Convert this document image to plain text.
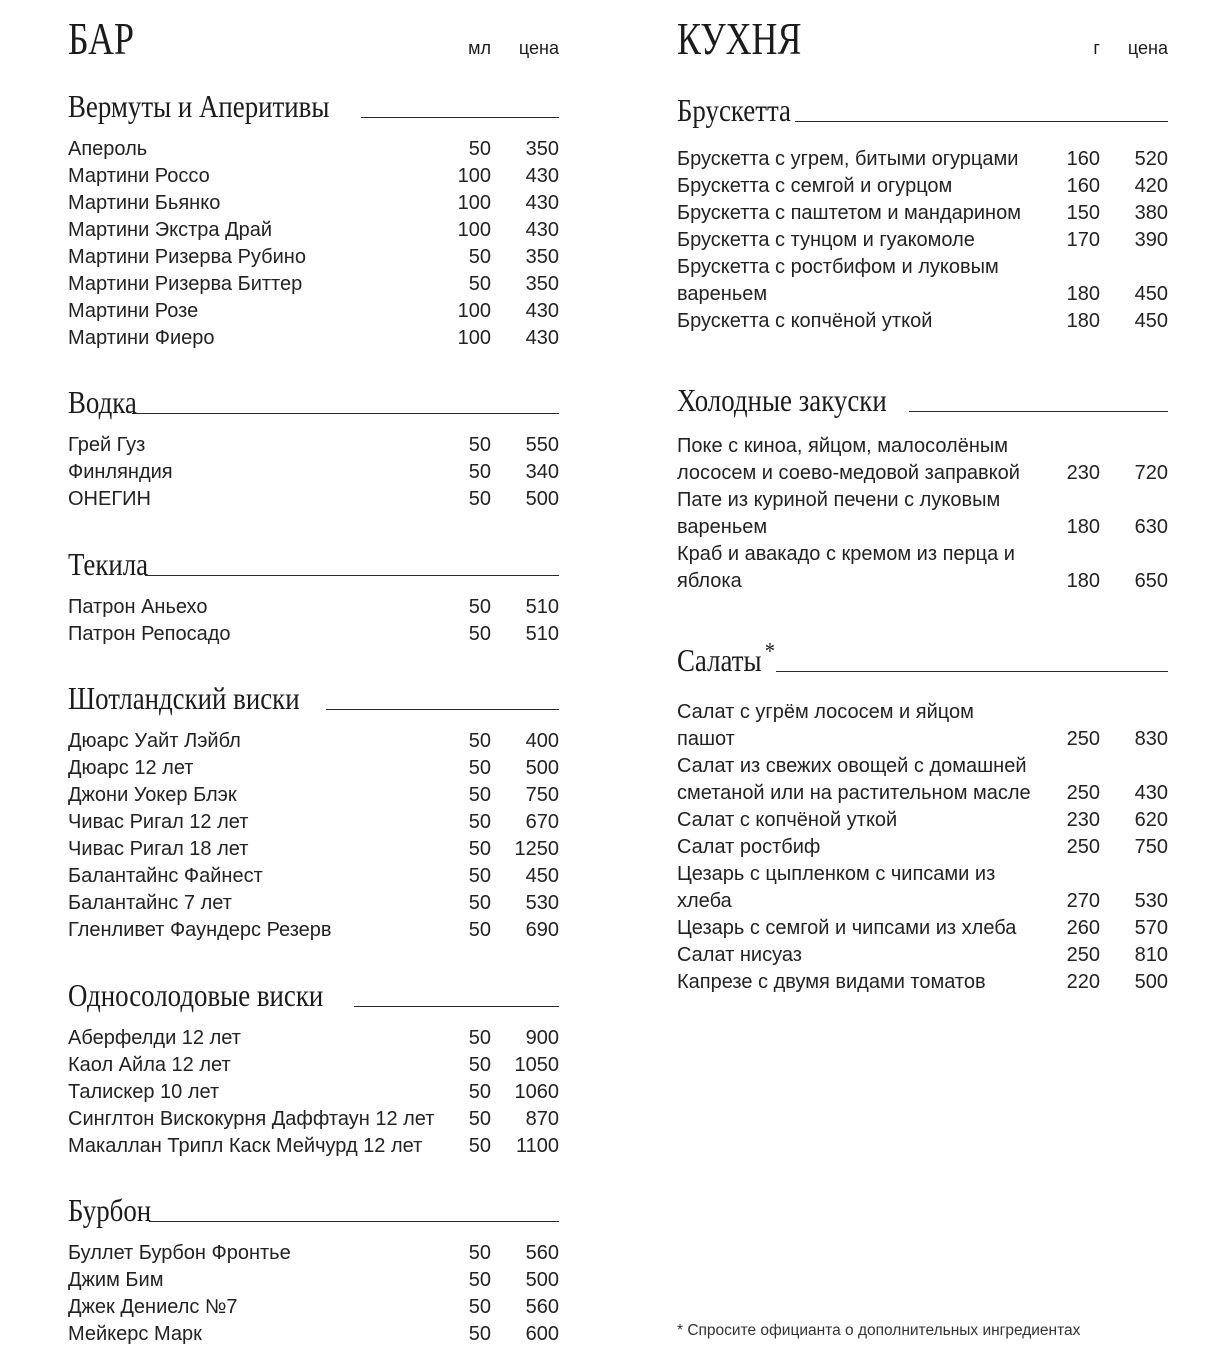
БАР	мл	цена
Вермуты и Аперитивы
Апероль	50	350
Мартини Россо	100	430
Мартини Бьянко	100	430
Мартини Экстра Драй	100	430
Мартини Ризерва Рубино	50	350
Мартини Ризерва Биттер	50	350
Мартини Розе	100	430
Мартини Фиеро	100	430
Водка
Грей Гуз	50	550
Финляндия	50	340
ОНЕГИН	50	500
Текила
Патрон Аньехо	50	510
Патрон Репосадо	50	510
Шотландский виски
Дюарс Уайт Лэйбл	50	400
Дюарс 12 лет	50	500
Джони Уокер Блэк	50	750
Чивас Ригал 12 лет	50	670
Чивас Ригал 18 лет	50	1250
Балантайнс Файнест	50	450
Балантайнс 7 лет	50	530
Гленливет Фаундерс Резерв	50	690
Односолодовые виски
Аберфелди 12 лет	50	900
Каол Айла 12 лет	50	1050
Талискер 10 лет	50	1060
Синглтон Вискокурня Даффтаун 12 лет	50	870
Макаллан Трипл Каск Мейчурд 12 лет	50	1100
Бурбон
Буллет Бурбон Фронтье	50	560
Джим Бим	50	500
Джек Дениелс №7	50	560
Мейкерс Марк	50	600
КУХНЯ	г	цена
Брускетта
Брускетта с угрем, битыми огурцами	160	520
Брускетта с семгой и огурцом	160	420
Брускетта с паштетом и мандарином	150	380
Брускетта с тунцом и гуакомоле	170	390
Брускетта с ростбифом и луковым вареньем	180	450
Брускетта с копчёной уткой	180	450
Холодные закуски
Поке с киноа, яйцом, малосолёным лососем и соево-медовой заправкой	230	720
Пате из куриной печени с луковым вареньем	180	630
Краб и авакадо с кремом из перца и яблока	180	650
Салаты *
Салат с угрём лососем и яйцом пашот	250	830
Салат из свежих овощей с домашней сметаной или на растительном масле	250	430
Салат с копчёной уткой	230	620
Салат ростбиф	250	750
Цезарь с цыпленком с чипсами из хлеба	270	530
Цезарь с семгой и чипсами из хлеба	260	570
Салат нисуаз	250	810
Капрезе с двумя видами томатов	220	500
* Спросите официанта о дополнительных ингредиентах
